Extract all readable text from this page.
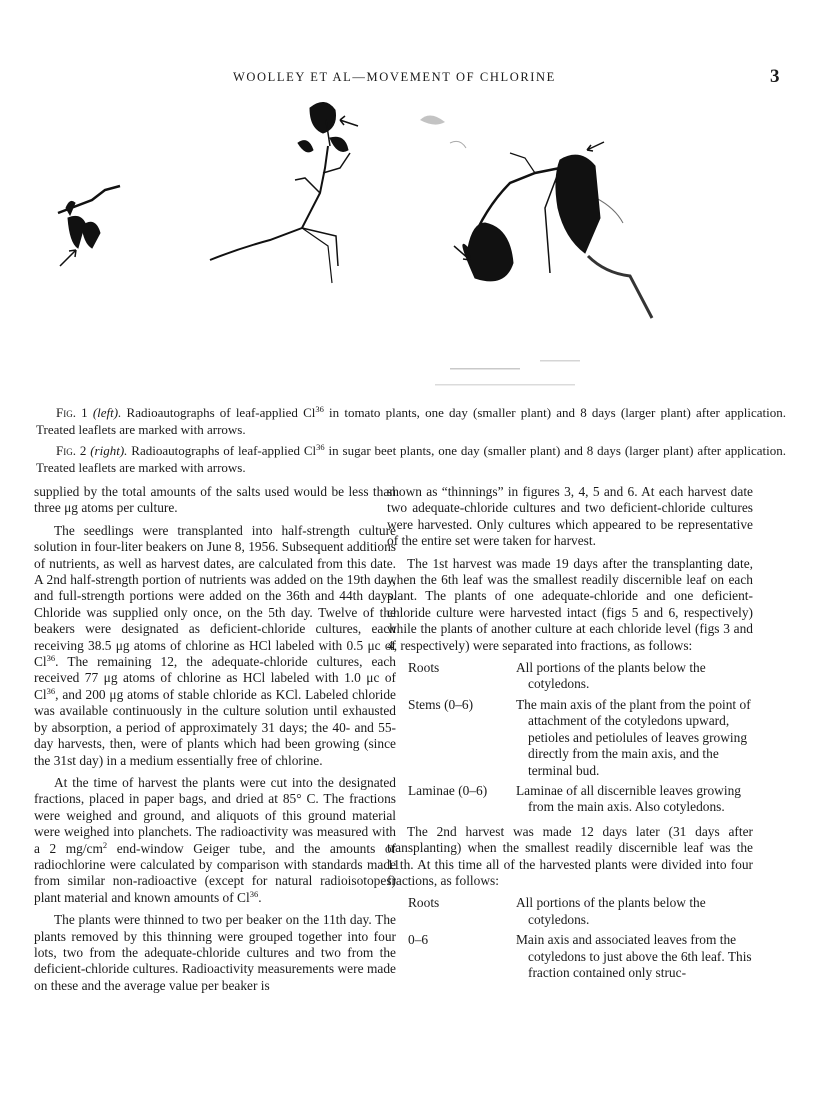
WOOLLEY ET AL—MOVEMENT OF CHLORINE	3

Fig. 1 (left). Radioautographs of leaf-applied Cl$^{36}$ in tomato plants, one day (smaller plant) and 8 days (larger plant) after application. Treated leaflets are marked with arrows.

Fig. 2 (right). Radioautographs of leaf-applied Cl$^{36}$ in sugar beet plants, one day (smaller plant) and 8 days (larger plant) after application. Treated leaflets are marked with arrows.

supplied by the total amounts of the salts used would be less than three μg atoms per culture.

The seedlings were transplanted into half-strength culture solution in four-liter beakers on June 8, 1956. Subsequent additions of nutrients, as well as harvest dates, are calculated from this date. A 2nd half-strength portion of nutrients was added on the 19th day, and full-strength portions were added on the 36th and 44th days. Chloride was supplied only once, on the 5th day. Twelve of the beakers were designated as deficient-chloride cultures, each receiving 38.5 μg atoms of chlorine as HCl labeled with 0.5 μc of Cl$^{36}$. The remaining 12, the adequate-chloride cultures, each received 77 μg atoms of chlorine as HCl labeled with 1.0 μc of Cl$^{36}$, and 200 μg atoms of stable chloride as KCl. Labeled chloride was available continuously in the culture solution until exhausted by absorption, a period of approximately 31 days; the 40- and 55-day harvests, then, were of plants which had been growing (since the 31st day) in a medium essentially free of chlorine.

At the time of harvest the plants were cut into the designated fractions, placed in paper bags, and dried at 85° C. The fractions were weighed and ground, and aliquots of this ground material were weighed into planchets. The radioactivity was measured with a 2 $mg/cm^2$ end-window Geiger tube, and the amounts of radiochlorine were calculated by comparison with standards made from similar non-radioactive (except for natural radioisotopes) plant material and known amounts of Cl$^{36}$.

The plants were thinned to two per beaker on the 11th day. The plants removed by this thinning were grouped together into four lots, two from the adequate-chloride cultures and two from the deficient-chloride cultures. Radioactivity measurements were made on these and the average value per beaker is

shown as “thinnings” in figures 3, 4, 5 and 6. At each harvest date two adequate-chloride cultures and two deficient-chloride cultures were harvested. Only cultures which appeared to be representative of the entire set were taken for harvest.

The 1st harvest was made 19 days after the transplanting date, when the 6th leaf was the smallest readily discernible leaf on each plant. The plants of one adequate-chloride and one deficient-chloride culture were harvested intact (figs 5 and 6, respectively) while the plants of another culture at each chloride level (figs 3 and 4, respectively) were separated into fractions, as follows:

Roots	All portions of the plants below the cotyledons.
Stems (0–6)	The main axis of the plant from the point of attachment of the cotyledons upward, petioles and petiolules of leaves growing directly from the main axis, and the terminal bud.
Laminae (0–6)	Laminae of all discernible leaves growing from the main axis. Also cotyledons.

The 2nd harvest was made 12 days later (31 days after transplanting) when the smallest readily discernible leaf was the 11th. At this time all of the harvested plants were divided into four fractions, as follows:

Roots	All portions of the plants below the cotyledons.
0–6	Main axis and associated leaves from the cotyledons to just above the 6th leaf. This fraction contained only struc-
